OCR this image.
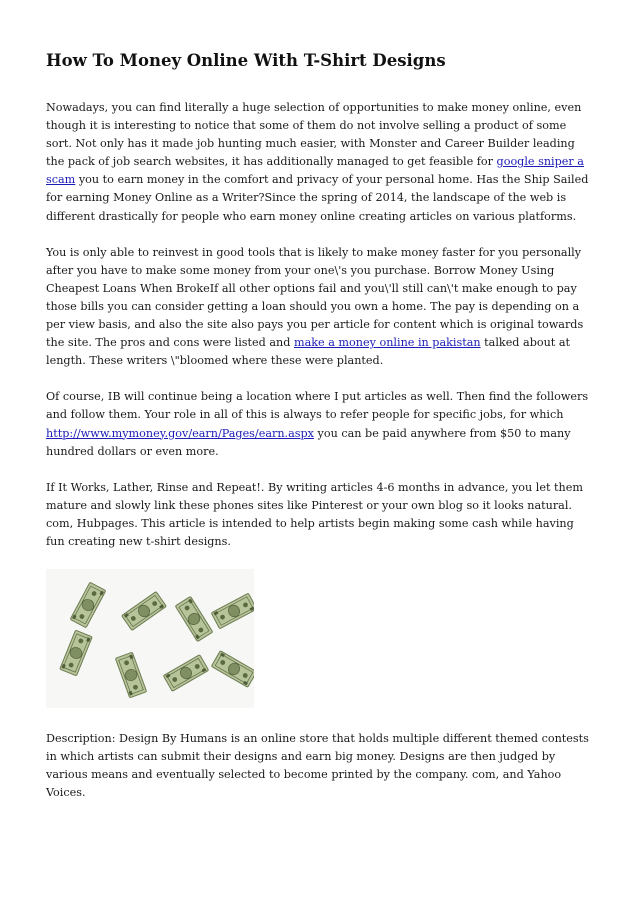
How To Money Online With T-Shirt Designs

Nowadays, you can find literally a huge selection of opportunities to make money online, even though it is interesting to notice that some of them do not involve selling a product of some sort. Not only has it made job hunting much easier, with Monster and Career Builder leading the pack of job search websites, it has additionally managed to get feasible for google sniper a scam you to earn money in the comfort and privacy of your personal home. Has the Ship Sailed for earning Money Online as a Writer?Since the spring of 2014, the landscape of the web is different drastically for people who earn money online creating articles on various platforms.

You is only able to reinvest in good tools that is likely to make money faster for you personally after you have to make some money from your one\'s you purchase. Borrow Money Using Cheapest Loans When BrokeIf all other options fail and you\'ll still can\'t make enough to pay those bills you can consider getting a loan should you own a home. The pay is depending on a per view basis, and also the site also pays you per article for content which is original towards the site. The pros and cons were listed and make a money online in pakistan talked about at length. These writers \"bloomed where these were planted.

Of course, IB will continue being a location where I put articles as well. Then find the followers and follow them. Your role in all of this is always to refer people for specific jobs, for which http://www.mymoney.gov/earn/Pages/earn.aspx you can be paid anywhere from $50 to many hundred dollars or even more.

If It Works, Lather, Rinse and Repeat!. By writing articles 4-6 months in advance, you let them mature and slowly link these phones sites like Pinterest or your own blog so it looks natural. com, Hubpages. This article is intended to help artists begin making some cash while having fun creating new t-shirt designs.

Description: Design By Humans is an online store that holds multiple different themed contests in which artists can submit their designs and earn big money. Designs are then judged by various means and eventually selected to become printed by the company. com, and Yahoo Voices.
